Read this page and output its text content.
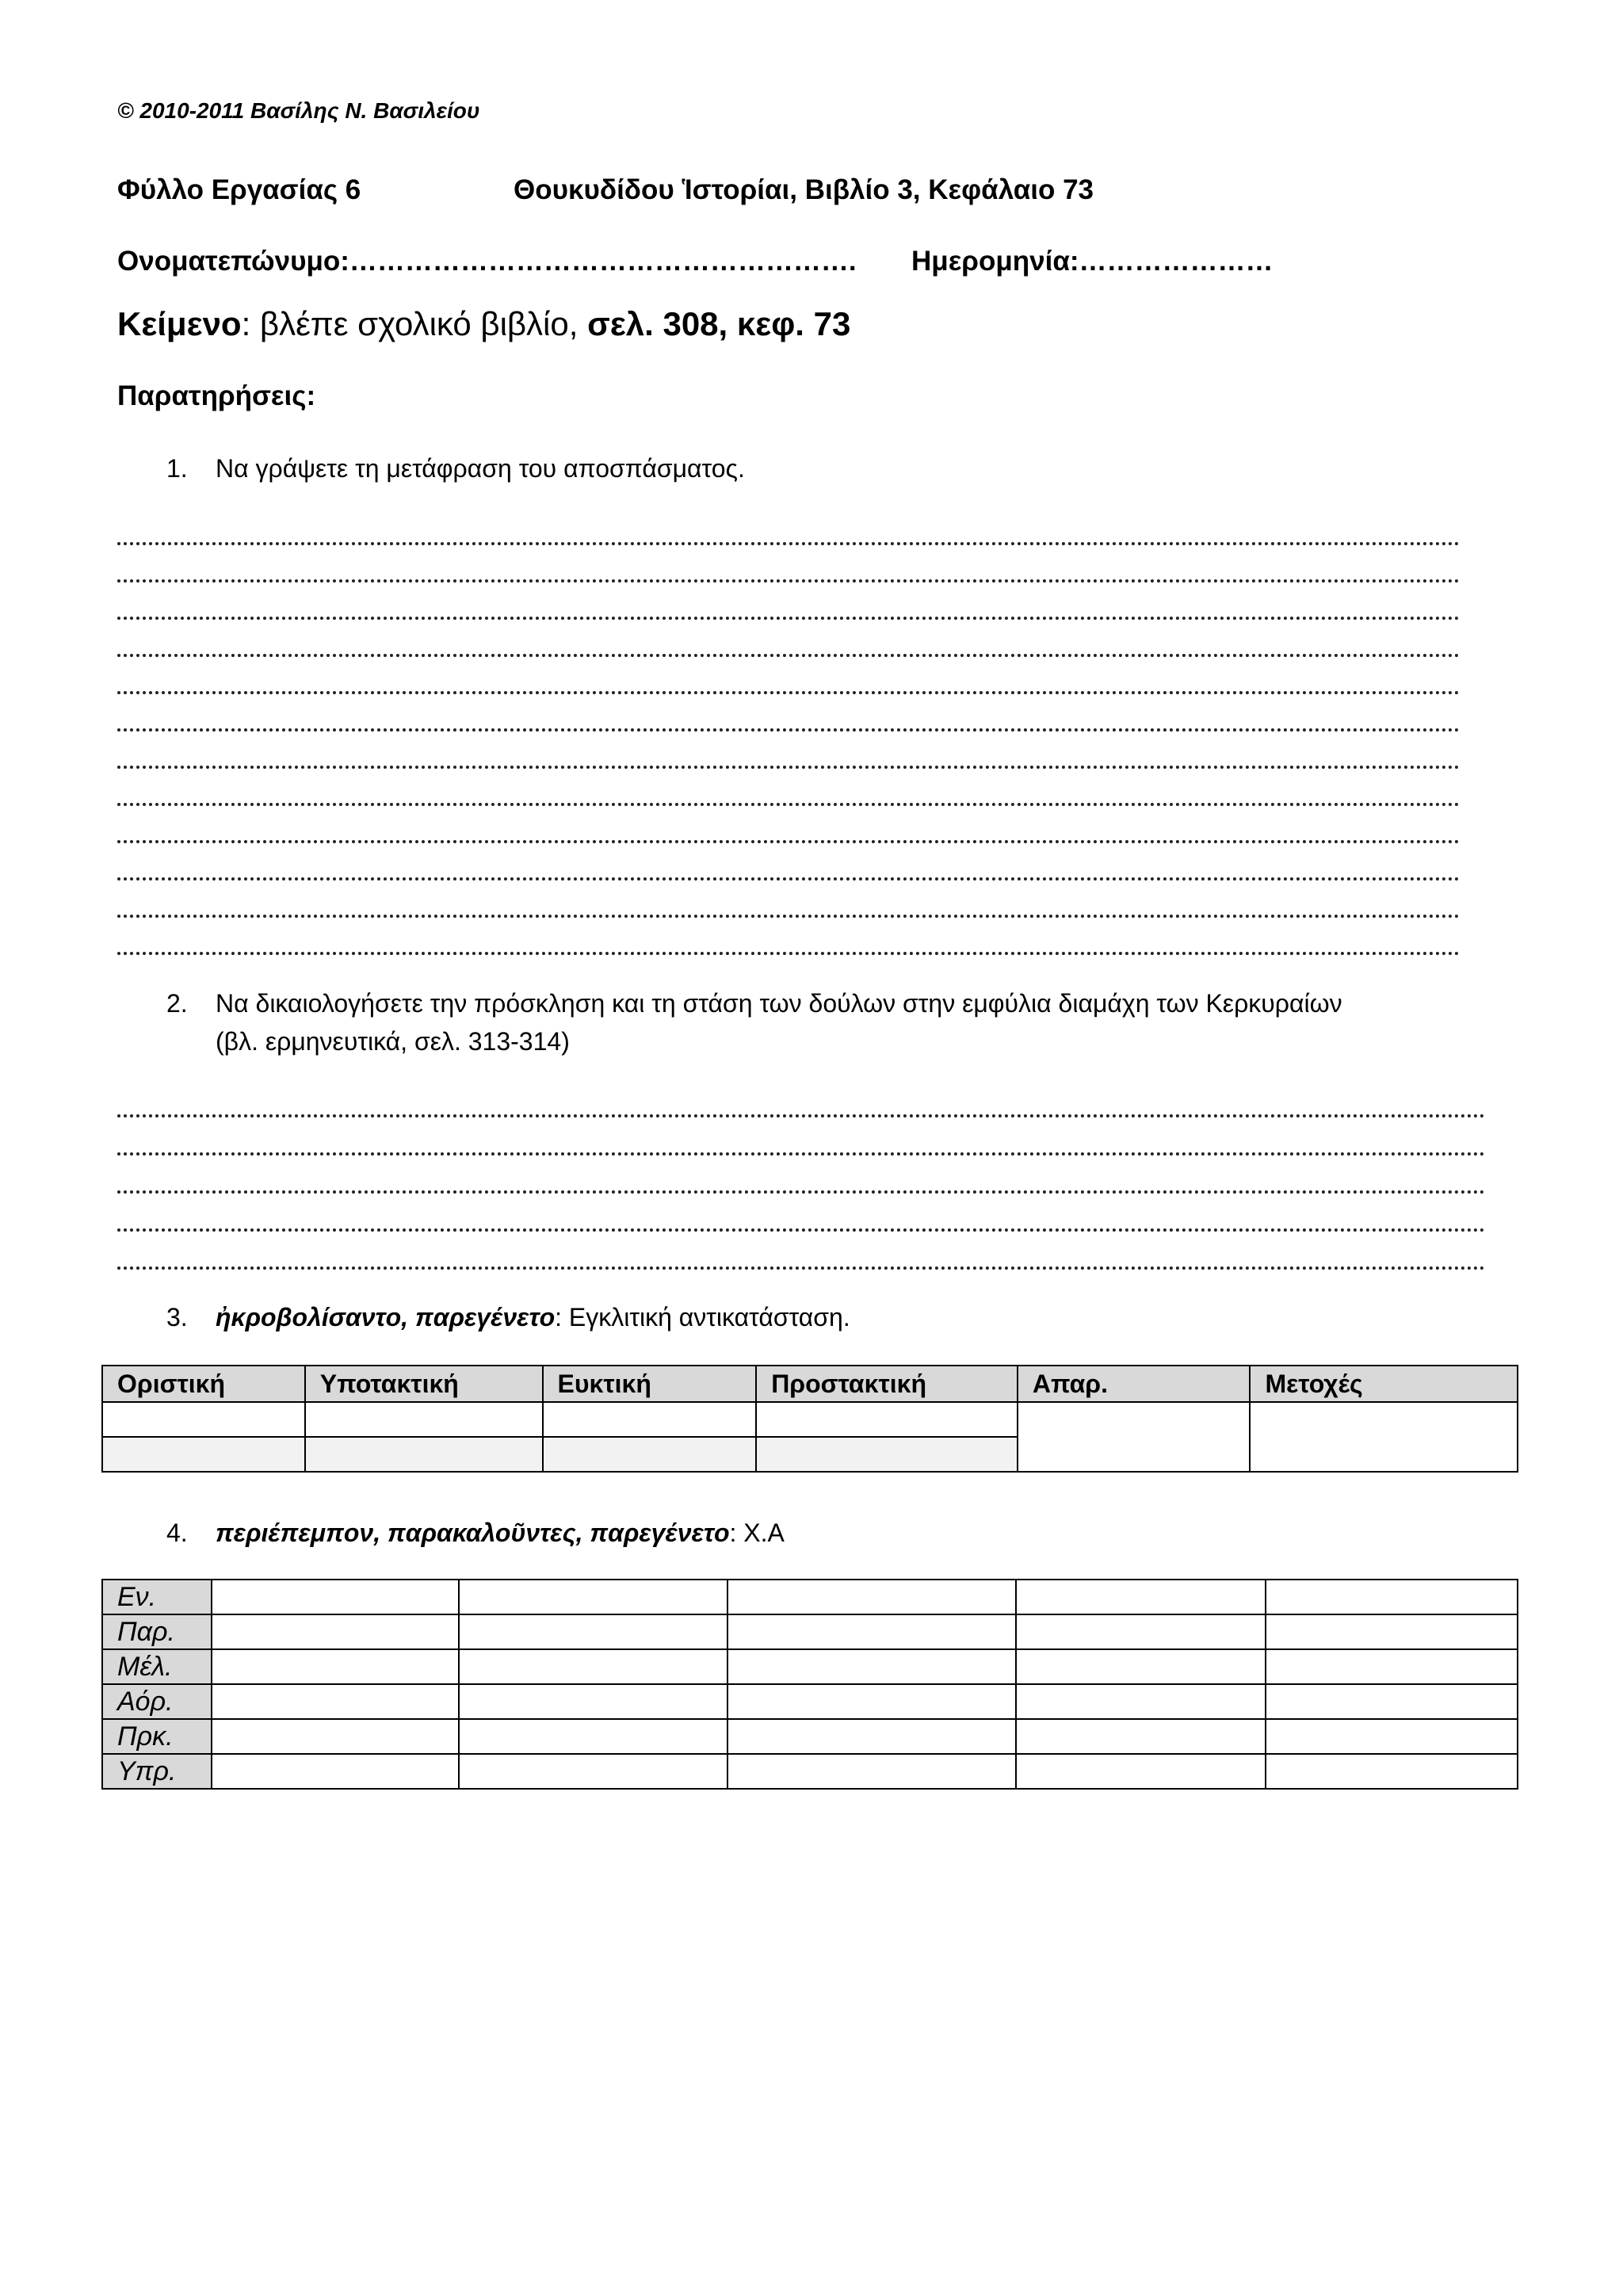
© 2010-2011 Βασίλης Ν. Βασιλείου
Φύλλο Εργασίας 6	Θουκυδίδου Ἱστορίαι, Βιβλίο 3, Κεφάλαιο 73
Ονοματεπώνυμο:………………………………………………. Ημερομηνία:…………………
Κείμενο: βλέπε σχολικό βιβλίο, σελ. 308, κεφ. 73
Παρατηρήσεις:
1. Να γράψετε τη μετάφραση του αποσπάσματος.
2. Να δικαιολογήσετε την πρόσκληση και τη στάση των δούλων στην εμφύλια διαμάχη των Κερκυραίων
(βλ. ερμηνευτικά, σελ. 313-314)
3. ἠκροβολίσαντο, παρεγένετο: Εγκλιτική αντικατάσταση.
Οριστική	Υποτακτική	Ευκτική	Προστακτική	Απαρ.	Μετοχές

4. περιέπεμπον, παρακαλοῦντες, παρεγένετο: Χ.Α
Εν.					
Παρ.					
Μέλ.					
Αόρ.					
Πρκ.					
Υπρ.					
